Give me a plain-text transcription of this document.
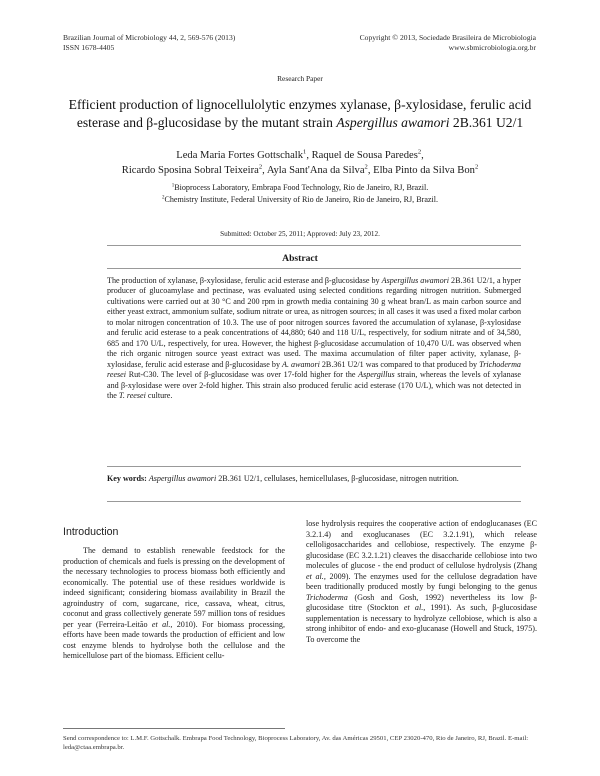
Brazilian Journal of Microbiology 44, 2, 569-576 (2013)
ISSN 1678-4405
Copyright © 2013, Sociedade Brasileira de Microbiologia
www.sbmicrobiologia.org.br
Research Paper
Efficient production of lignocellulolytic enzymes xylanase, β-xylosidase, ferulic acid
esterase and β-glucosidase by the mutant strain Aspergillus awamori 2B.361 U2/1
Leda Maria Fortes Gottschalk$^1$, Raquel de Sousa Paredes$^2$,
Ricardo Sposina Sobral Teixeira$^2$, Ayla Sant'Ana da Silva$^2$, Elba Pinto da Silva Bon$^2$
$^1$Bioprocess Laboratory, Embrapa Food Technology, Rio de Janeiro, RJ, Brazil.
$^2$Chemistry Institute, Federal University of Rio de Janeiro, Rio de Janeiro, RJ, Brazil.
Submitted: October 25, 2011; Approved: July 23, 2012.
Abstract

The production of xylanase, β-xylosidase, ferulic acid esterase and β-glucosidase by Aspergillus awamori 2B.361 U2/1, a hyper producer of glucoamylase and pectinase, was evaluated using selected conditions regarding nitrogen nutrition. Submerged cultivations were carried out at 30 °C and 200 rpm in growth media containing 30 g wheat bran/L as main carbon source and either yeast extract, ammonium sulfate, sodium nitrate or urea, as nitrogen sources; in all cases it was used a fixed molar carbon to molar nitrogen concentration of 10.3. The use of poor nitrogen sources favored the accumulation of xylanase, β-xylosidase and ferulic acid esterase to a peak concentrations of 44,880; 640 and 118 U/L, respectively, for sodium nitrate and of 34,580, 685 and 170 U/L, respectively, for urea. However, the highest β-glucosidase accumulation of 10,470 U/L was observed when the rich organic nitrogen source yeast extract was used. The maxima accumulation of filter paper activity, xylanase, β-xylosidase, ferulic acid esterase and β-glucosidase by A. awamori 2B.361 U2/1 was compared to that produced by Trichoderma reesei Rut-C30. The level of β-glucosidase was over 17-fold higher for the Aspergillus strain, whereas the levels of xylanase and β-xylosidase were over 2-fold higher. This strain also produced ferulic acid esterase (170 U/L), which was not detected in the T. reesei culture.

Key words: Aspergillus awamori 2B.361 U2/1, cellulases, hemicellulases, β-glucosidase, nitrogen nutrition.
Introduction

The demand to establish renewable feedstock for the production of chemicals and fuels is pressing on the development of the necessary technologies to process biomass both efficiently and economically. The potential use of these residues worldwide is indeed significant; considering biomass availability in Brazil the agroindustry of corn, sugarcane, rice, cassava, wheat, citrus, coconut and grass collectively generate 597 million tons of residues per year (Ferreira-Leitão et al., 2010). For biomass processing, efforts have been made towards the production of efficient and low cost enzyme blends to hydrolyse both the cellulose and the hemicellulose part of the biomass. Efficient cellu-

lose hydrolysis requires the cooperative action of endoglucanases (EC 3.2.1.4) and exoglucanases (EC 3.2.1.91), which release celloligosaccharides and cellobiose, respectively. The enzyme β-glucosidase (EC 3.2.1.21) cleaves the disaccharide cellobiose into two molecules of glucose - the end product of cellulose hydrolysis (Zhang et al., 2009). The enzymes used for the cellulose degradation have been traditionally produced mostly by fungi belonging to the genus Trichoderma (Gosh and Gosh, 1992) nevertheless its low β-glucosidase titre (Stockton et al., 1991). As such, β-glucosidase supplementation is necessary to hydrolyze cellobiose, which is also a strong inhibitor of endo- and exo-glucanase (Howell and Stuck, 1975). To overcome the

Send correspondence to: L.M.F. Gottschalk. Embrapa Food Technology, Bioprocess Laboratory, Av. das Américas 29501, CEP 23020-470, Rio de Janeiro, RJ, Brazil. E-mail: leda@ctaa.embrapa.br.
